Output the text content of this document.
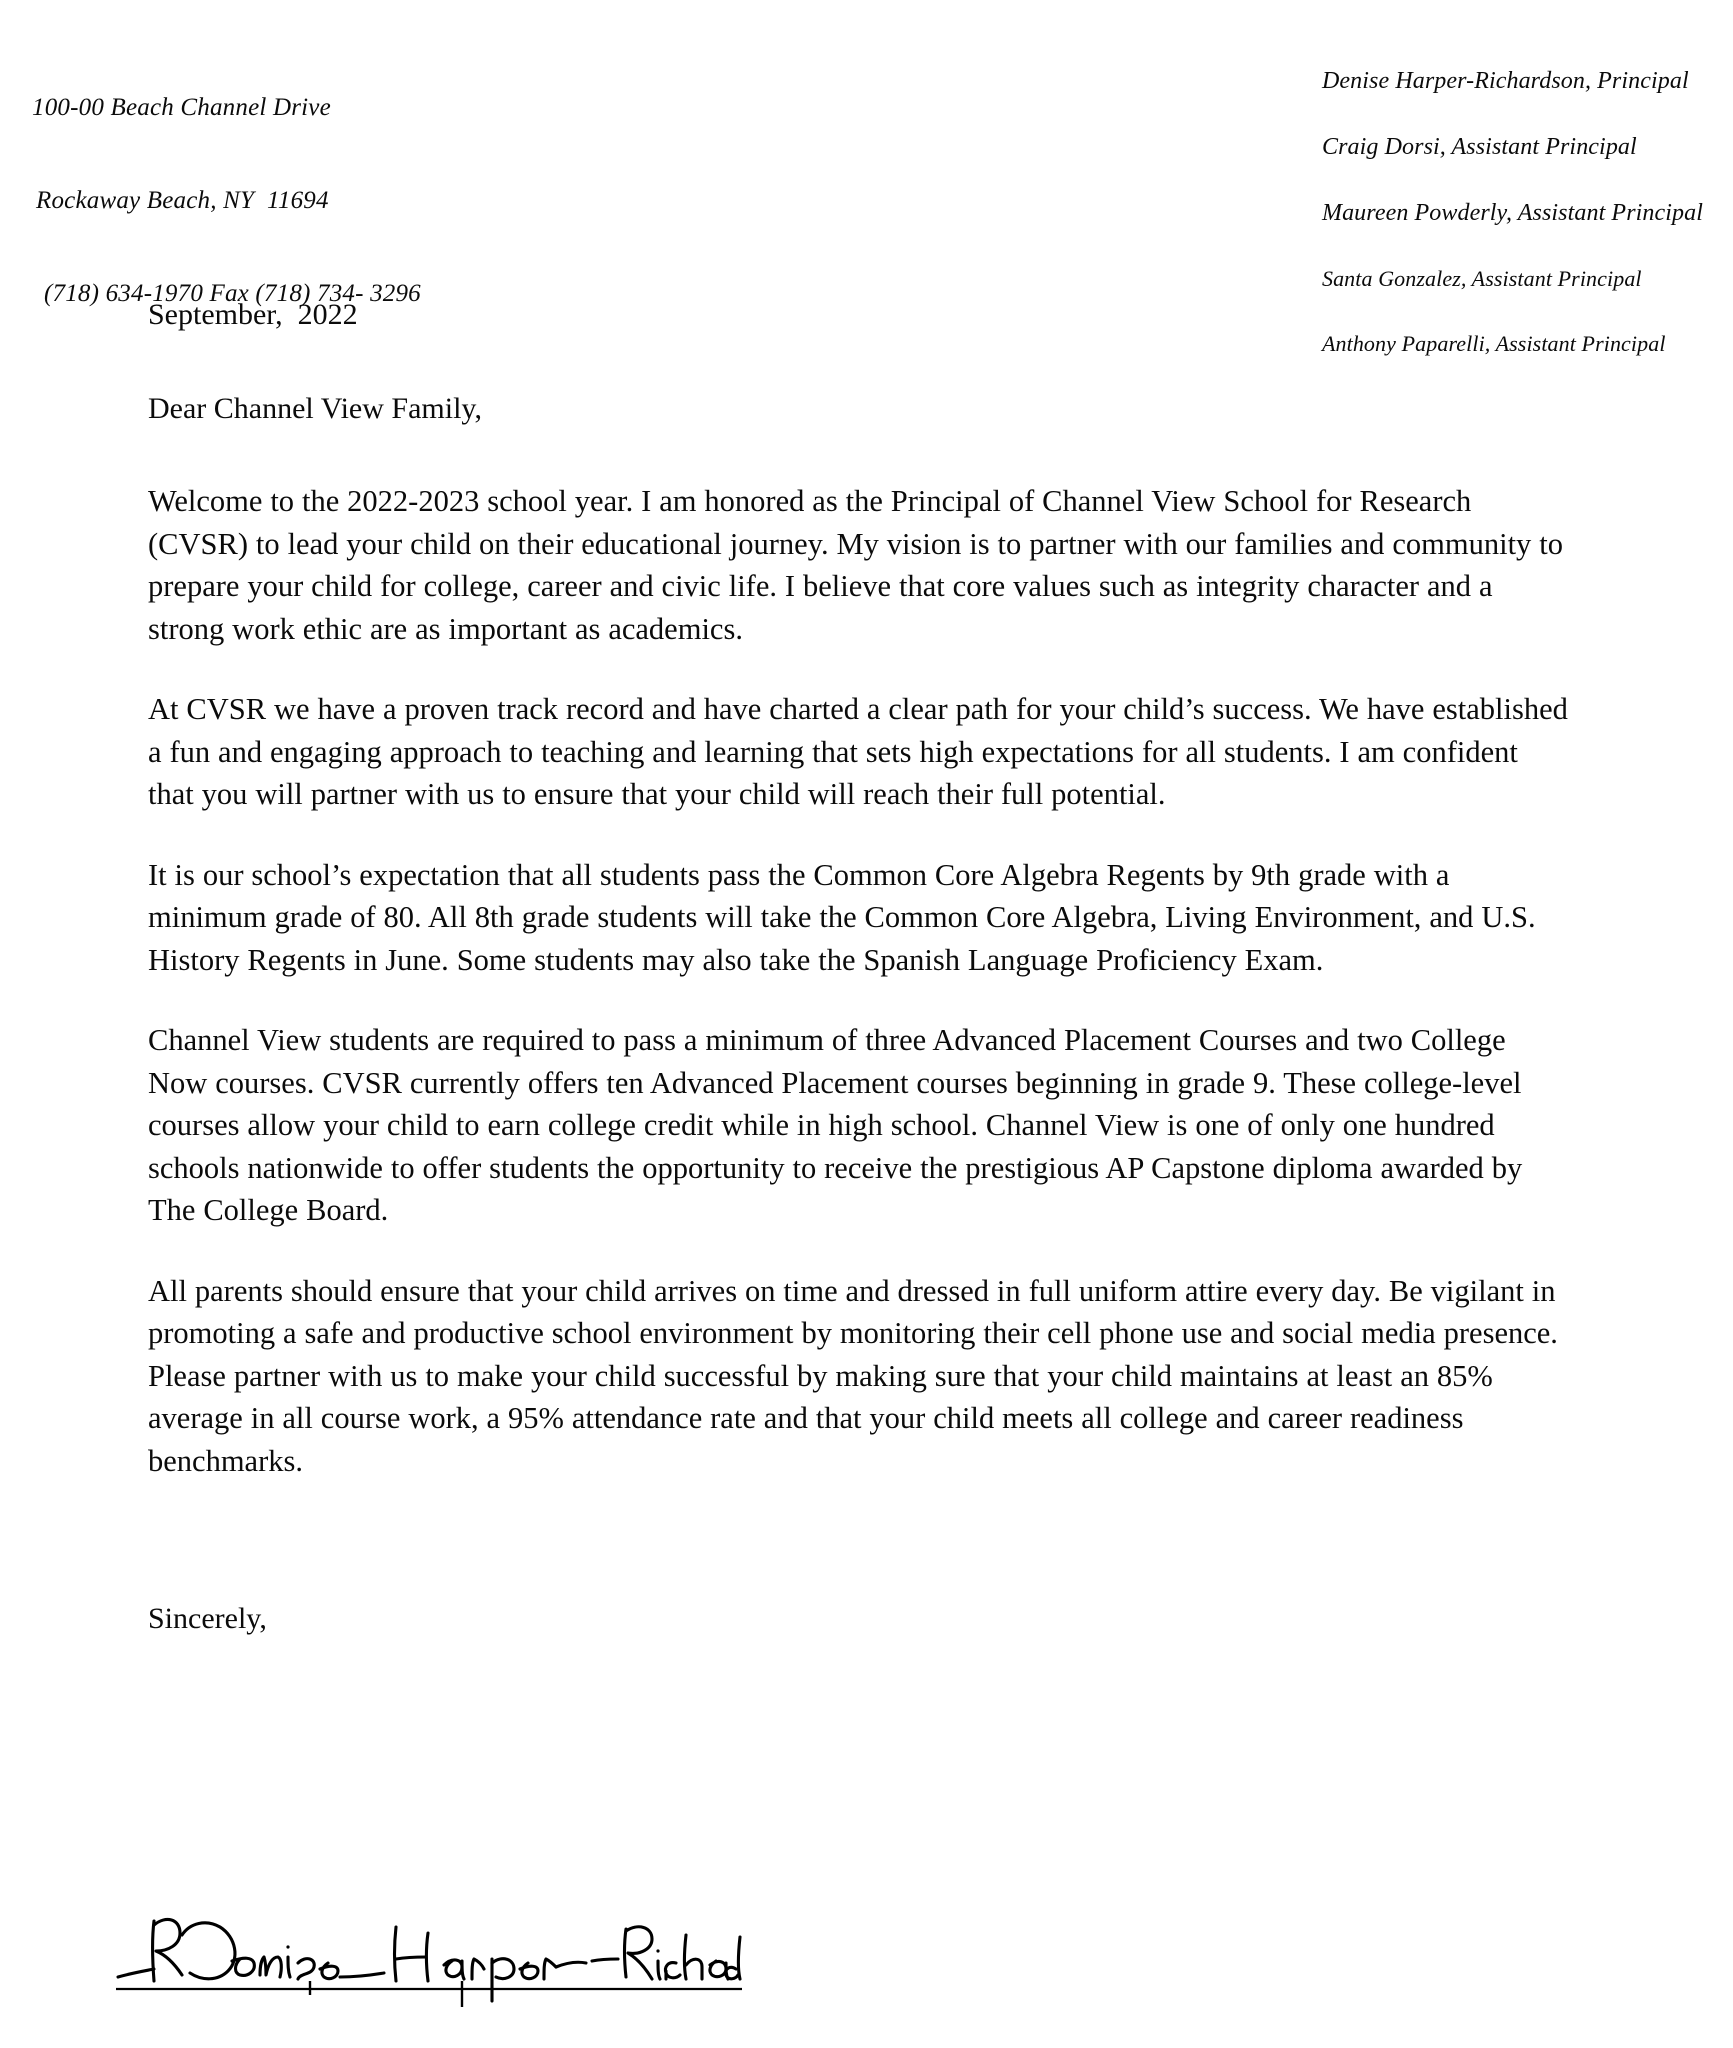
100-00 Beach Channel Drive

Rockaway Beach, NY  11694

(718) 634-1970 Fax (718) 734- 3296

Denise Harper-Richardson, Principal

Craig Dorsi, Assistant Principal

Maureen Powderly, Assistant Principal

Santa Gonzalez, Assistant Principal

Anthony Paparelli, Assistant Principal

September,  2022

Dear Channel View Family,

Welcome to the 2022-2023 school year. I am honored as the Principal of Channel View School for Research (CVSR) to lead your child on their educational journey. My vision is to partner with our families and community to prepare your child for college, career and civic life. I believe that core values such as integrity character and a strong work ethic are as important as academics.

At CVSR we have a proven track record and have charted a clear path for your child’s success. We have established a fun and engaging approach to teaching and learning that sets high expectations for all students. I am confident that you will partner with us to ensure that your child will reach their full potential.

It is our school’s expectation that all students pass the Common Core Algebra Regents by 9th grade with a minimum grade of 80. All 8th grade students will take the Common Core Algebra, Living Environment, and U.S. History Regents in June. Some students may also take the Spanish Language Proficiency Exam.

Channel View students are required to pass a minimum of three Advanced Placement Courses and two College Now courses. CVSR currently offers ten Advanced Placement courses beginning in grade 9. These college-level courses allow your child to earn college credit while in high school. Channel View is one of only one hundred schools nationwide to offer students the opportunity to receive the prestigious AP Capstone diploma awarded by The College Board.

All parents should ensure that your child arrives on time and dressed in full uniform attire every day. Be vigilant in promoting a safe and productive school environment by monitoring their cell phone use and social media presence. Please partner with us to make your child successful by making sure that your child maintains at least an 85% average in all course work, a 95% attendance rate and that your child meets all college and career readiness benchmarks.

Sincerely,
